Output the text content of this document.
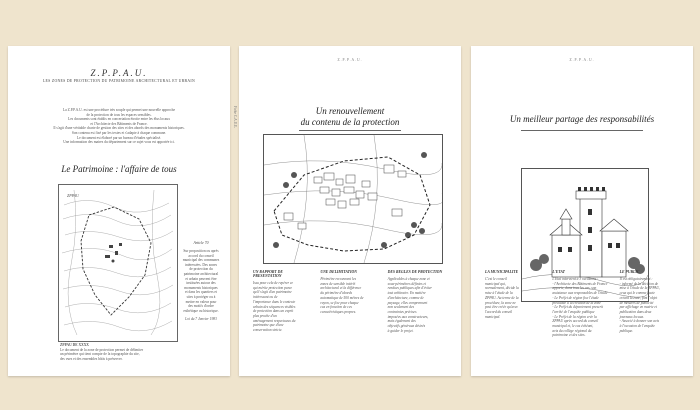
Z.P.P.A.U.
LES ZONES DE PROTECTION DU PATRIMOINE ARCHITECTURAL ET URBAIN
La Z.P.P.A.U. est une procédure très souple qui permet une nouvelle approche
de la protection de tous les espaces sensibles.
Les documents sont établis en concertation étroite entre les élus locaux
et l'Architecte des Bâtiments de France.
Il s'agit d'une véritable charte de gestion des sites et des abords des monuments historiques.
Son contenu est fixé par les textes et s'adapte à chaque commune.
Le document est élaboré par un bureau d'études spécialisé.
Une information des maires du département sur ce sujet vous est apportée ici.
Le Patrimoine : l'affaire de tous
ZPPAU
Article 70
Sur proposition ou après
accord du conseil
municipal des communes
intéressées. Des zones
de protection du
patrimoine architectural
et urbain peuvent être
instituées autour des
monuments historiques
et dans les quartiers et
sites à protéger ou à
mettre en valeur pour
des motifs d'ordre
esthétique ou historique.
Loi du 7 Janvier 1983
ZPPAU DE XXXX
Le document de la zone de protection permet de délimiter
un périmètre qui tient compte de la topographie du site,
des vues et des ensembles bâtis à préserver.
Fiche C.A.U.E.
Z.P.P.A.U.
Un renouvellement
du contenu de la protection
UN RAPPORT DE PRESENTATION
Issu pour cela de repérer ce
qui mérite protection parce
qu'il s'agit d'un patrimoine
intéressant ou de
l'importance dans le contexte
urbain des séquences visibles
de protection dans un esprit
plus proche d'un
aménagement respectueux du
patrimoine que d'une
conservation stricte.
UNE DELIMITATION
Périmètre recouvrant les
zones de sensible intérêt
architectural et la différence
du périmètre d'abords
automatique de 500 mètres de
rayon, se fixe pour chaque
cas en fonction de ces
caractéristiques propres.
DES REGLES DE PROTECTION
Applicables à chaque zone et
sous-périmètres définies et
rendues publiques afin d'éviter
tout arbitraire. En matière
d'architecture, comme de
paysage, elles comprennent
non seulement des
contraintes précises
imposées aux constructeurs,
mais également des
objectifs généraux désirés
à guider le projet.
Z.P.P.A.U.
Un meilleur partage des responsabilités
LA MUNICIPALITE
C'est le conseil
municipal qui,
normalement, décide la
mise à l'étude de la
ZPPAU. Au terme de la
procédure, la zone ne
peut être créée qu'avec
l'accord du conseil
municipal.
L'ETAT
L'Etat intervient à 3 occasions :
- l'Architecte des Bâtiments de France
apporte, dans tous les cas, son
assistance aux responsables de l'étude
- Le Préfet de région fixe l'étude
préalable à la création de la zone
- Le Préfet du département prescrit
l'arrêté de l'enquête publique
- Le Préfet de la région crée la
ZPPAU après accord du conseil
municipal et, le cas échéant,
avis du collège régional du
patrimoine et des sites.
LE PUBLIC
Il est obligatoirement :
- informé de la décision de
mise à l'étude de la ZPPAU,
ceux qui le comme l'acte
créant la zone, font l'objet
de mesures de publicité
par affichage en mairie et
publication dans deux
journaux locaux.
- Associé à donner son avis
à l'occasion de l'enquête
publique.
